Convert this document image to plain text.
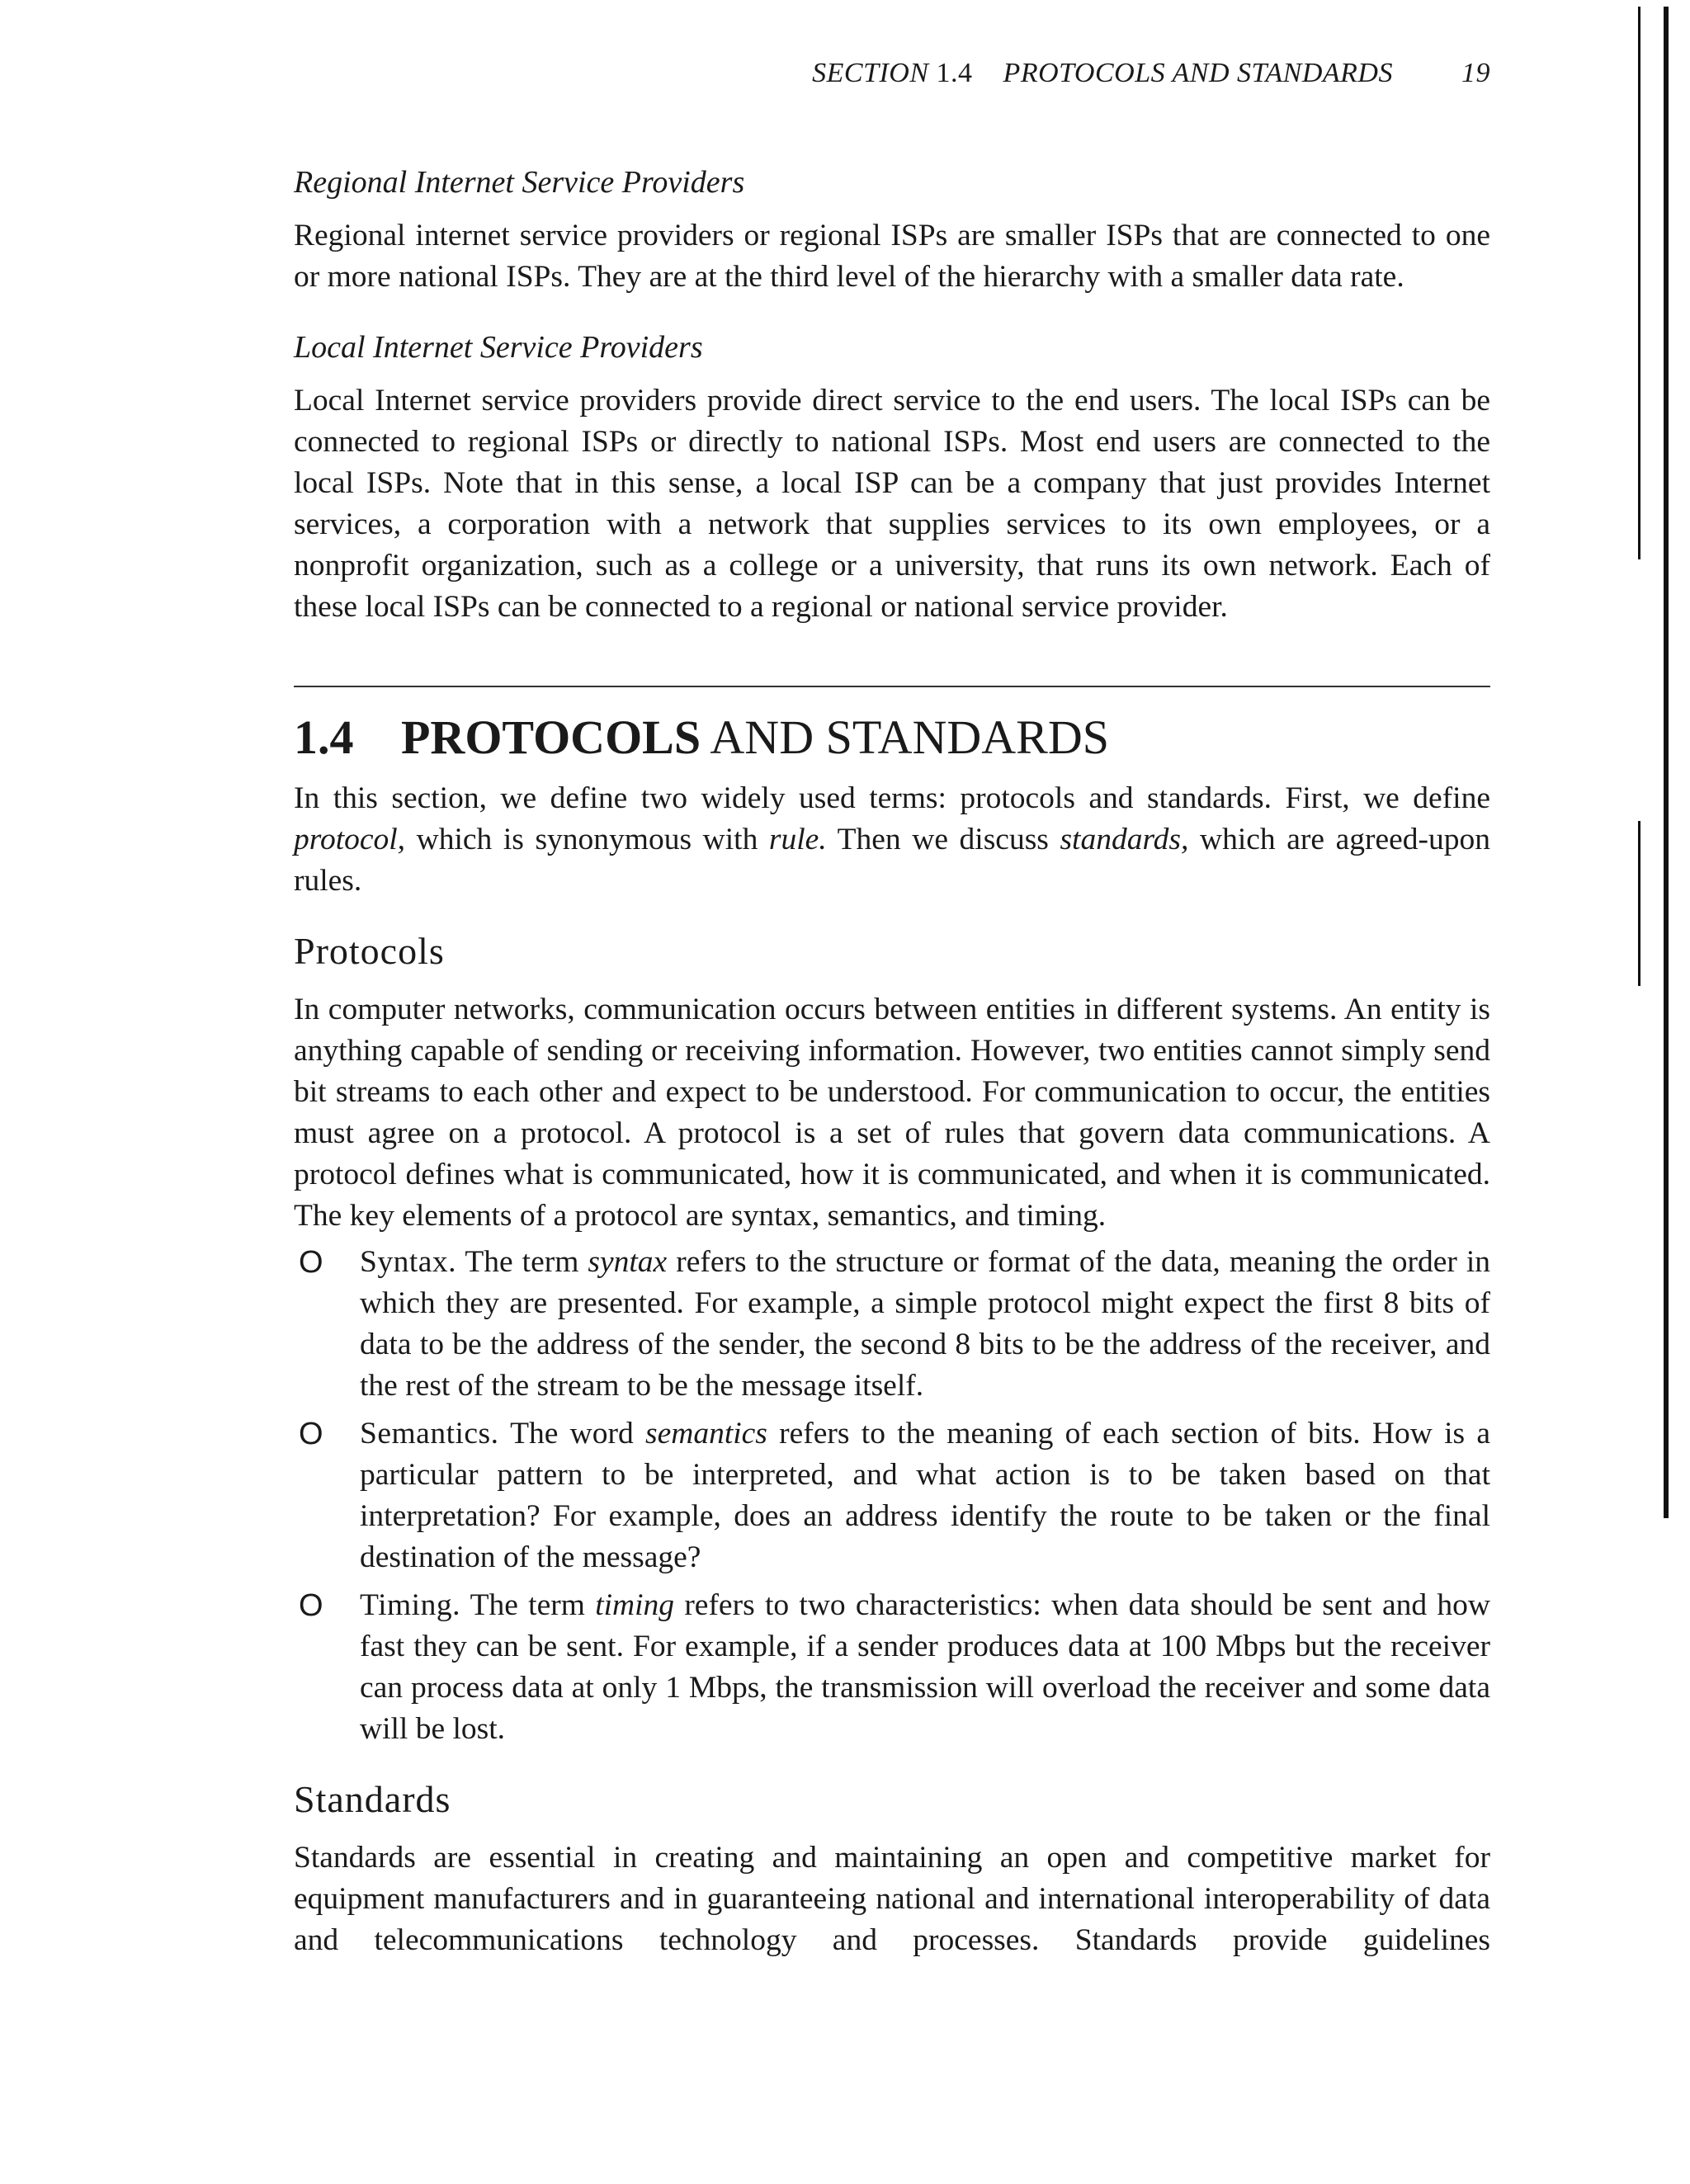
SECTION 1.4 PROTOCOLS AND STANDARDS 19
Regional Internet Service Providers

Regional internet service providers or regional ISPs are smaller ISPs that are connected to one or more national ISPs. They are at the third level of the hierarchy with a smaller data rate.

Local Internet Service Providers

Local Internet service providers provide direct service to the end users. The local ISPs can be connected to regional ISPs or directly to national ISPs. Most end users are connected to the local ISPs. Note that in this sense, a local ISP can be a company that just provides Internet services, a corporation with a network that supplies services to its own employees, or a nonprofit organization, such as a college or a university, that runs its own network. Each of these local ISPs can be connected to a regional or national service provider.

1.4 PROTOCOLS AND STANDARDS

In this section, we define two widely used terms: protocols and standards. First, we define protocol, which is synonymous with rule. Then we discuss standards, which are agreed-upon rules.

Protocols

In computer networks, communication occurs between entities in different systems. An entity is anything capable of sending or receiving information. However, two entities cannot simply send bit streams to each other and expect to be understood. For communication to occur, the entities must agree on a protocol. A protocol is a set of rules that govern data communications. A protocol defines what is communicated, how it is communicated, and when it is communicated. The key elements of a protocol are syntax, semantics, and timing.

O Syntax. The term syntax refers to the structure or format of the data, meaning the order in which they are presented. For example, a simple protocol might expect the first 8 bits of data to be the address of the sender, the second 8 bits to be the address of the receiver, and the rest of the stream to be the message itself.
O Semantics. The word semantics refers to the meaning of each section of bits. How is a particular pattern to be interpreted, and what action is to be taken based on that interpretation? For example, does an address identify the route to be taken or the final destination of the message?
O Timing. The term timing refers to two characteristics: when data should be sent and how fast they can be sent. For example, if a sender produces data at 100 Mbps but the receiver can process data at only 1 Mbps, the transmission will overload the receiver and some data will be lost.
Standards

Standards are essential in creating and maintaining an open and competitive market for equipment manufacturers and in guaranteeing national and international interoperability of data and telecommunications technology and processes. Standards provide guidelines
